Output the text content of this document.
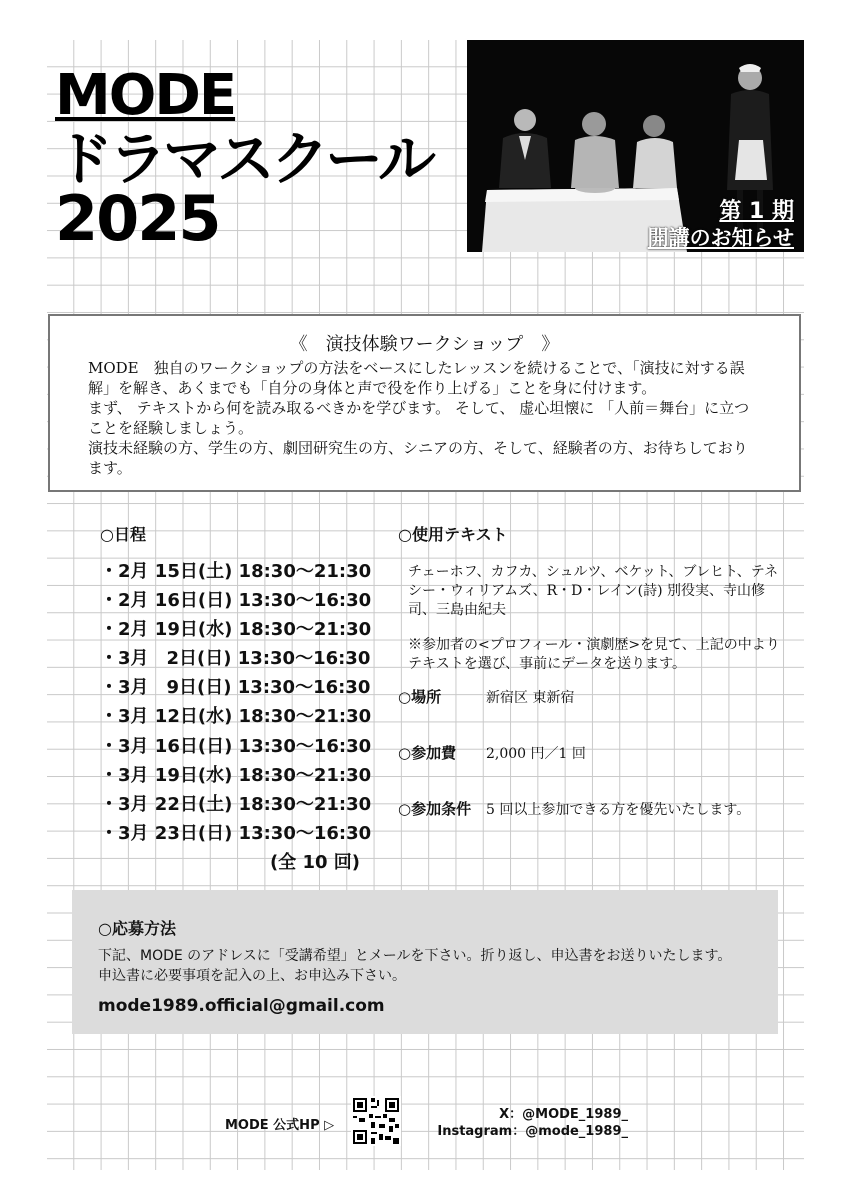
MODE
ドラマスクール
2025	第 1 期
開講のお知らせ
《　演技体験ワークショップ　》

MODE　独自のワークショップの方法をベースにしたレッスンを続けることで、「演技に対する誤解」を解き、あくまでも「自分の身体と声で役を作り上げる」ことを身に付けます。

まず、 テキストから何を読み取るべきかを学びます。 そして、 虚心坦懐に 「人前＝舞台」に立つことを経験しましょう。

演技未経験の方、学生の方、劇団研究生の方、シニアの方、そして、経験者の方、お待ちしております。

○日程
・2月 15日(土) 18:30～21:30
・2月 16日(日) 13:30～16:30
・2月 19日(水) 18:30～21:30
・3月　2日(日) 13:30～16:30
・3月　9日(日) 13:30～16:30
・3月 12日(水) 18:30～21:30
・3月 16日(日) 13:30～16:30
・3月 19日(水) 18:30～21:30
・3月 22日(土) 18:30～21:30
・3月 23日(日) 13:30～16:30
(全 10 回)
○使用テキスト
チェーホフ、カフカ、シュルツ、ベケット、ブレヒト、テネシー・ウィリアムズ、R・D・レイン(詩) 別役実、寺山修司、三島由紀夫
※参加者の<プロフィール・演劇歴>を見て、上記の中よりテキストを選び、事前にデータを送ります。
○場所	新宿区 東新宿
○参加費 2,000 円／1 回
○参加条件 5 回以上参加できる方を優先いたします。
○応募方法

下記、MODE のアドレスに「受講希望」とメールを下さい。折り返し、申込書をお送りいたします。

申込書に必要事項を記入の上、お申込み下さい。

mode1989.official@gmail.com
MODE 公式HP ▷
X：@MODE_1989_
Instagram：@mode_1989_
